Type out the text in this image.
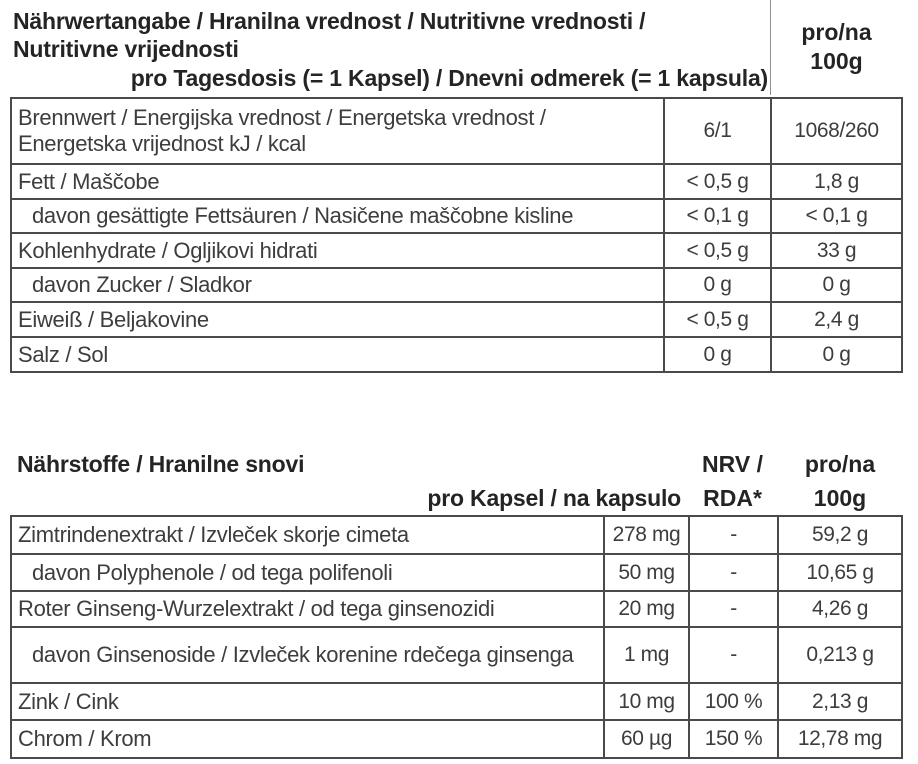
Nährwertangabe / Hranilna vrednost / Nutritivne vrednosti / Nutritivne vrijednosti
pro Tagesdosis (= 1 Kapsel) / Dnevni odmerek (= 1 kapsula)
pro/na
100g
Brennwert / Energijska vrednost / Energetska vrednost / Energetska vrijednost kJ / kcal
6/1	1068/260
Fett / Maščobe	< 0,5 g	1,8 g
davon gesättigte Fettsäuren / Nasičene maščobne kisline	< 0,1 g	< 0,1 g
Kohlenhydrate / Ogljikovi hidrati	< 0,5 g	33 g
davon Zucker / Sladkor	0 g	0 g
Eiweiß / Beljakovine	< 0,5 g	2,4 g
Salz / Sol	0 g	0 g
Nährstoffe / Hranilne snovi
pro Kapsel / na kapsulo
NRV /
RDA*
pro/na
100g
Zimtrindenextrakt / Izvleček skorje cimeta	278 mg	-	59,2 g
davon Polyphenole / od tega polifenoli	50 mg	-	10,65 g
Roter Ginseng-Wurzelextrakt / od tega ginsenozidi	20 mg	-	4,26 g
davon Ginsenoside / Izvleček korenine rdečega ginsenga	1 mg	-	0,213 g
Zink / Cink	10 mg	100 %	2,13 g
Chrom / Krom	60 µg	150 %	12,78 mg
